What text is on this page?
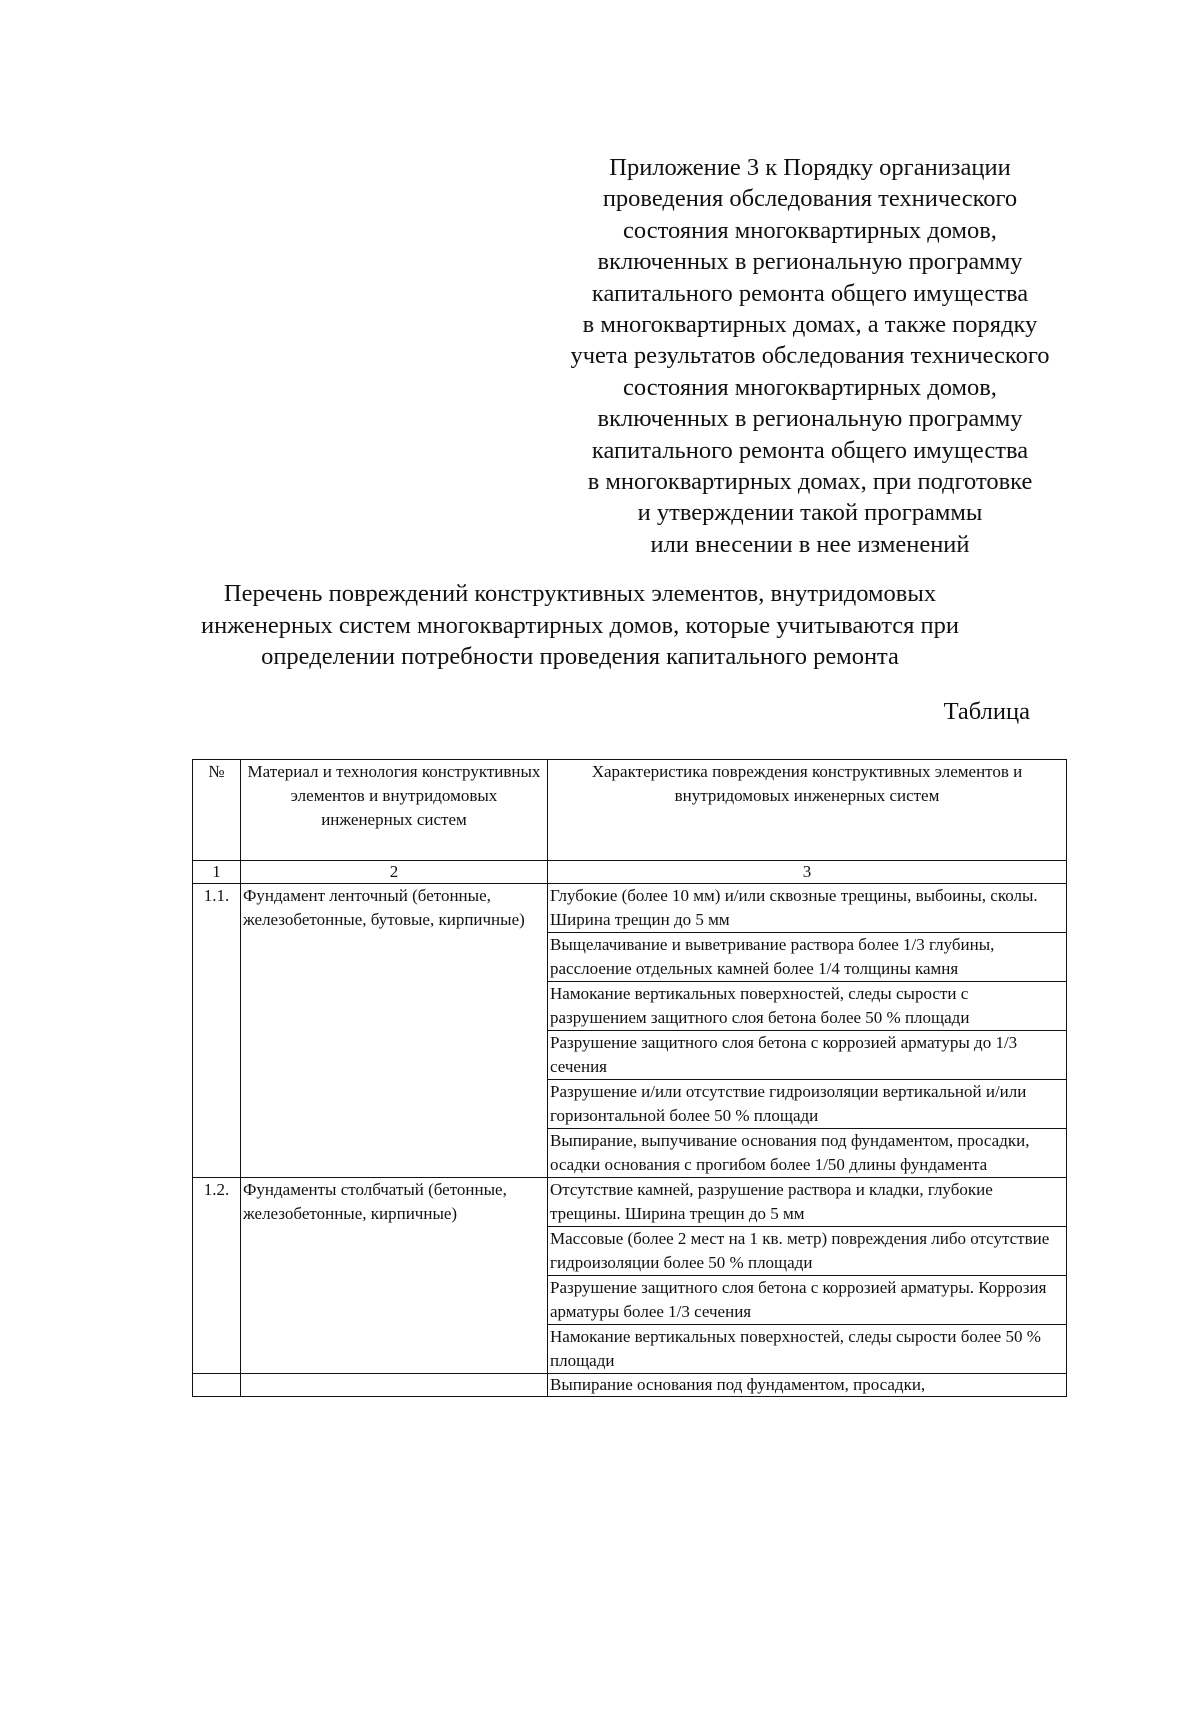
Приложение 3 к Порядку организации
проведения обследования технического
состояния многоквартирных домов,
включенных в региональную программу
капитального ремонта общего имущества
в многоквартирных домах, а также порядку
учета результатов обследования технического
состояния многоквартирных домов,
включенных в региональную программу
капитального ремонта общего имущества
в многоквартирных домах, при подготовке
и утверждении такой программы
или внесении в нее изменений
Перечень повреждений конструктивных элементов, внутридомовых
инженерных систем многоквартирных домов, которые учитываются при
определении потребности проведения капитального ремонта
Таблица
№	Материал и технология конструктивных элементов и внутридомовых инженерных систем	Характеристика повреждения конструктивных элементов и внутридомовых инженерных систем
1	2	3
1.1.	Фундамент ленточный (бетонные, железобетонные, бутовые, кирпичные)	Глубокие (более 10 мм) и/или сквозные трещины, выбоины, сколы. Ширина трещин до 5 мм
		Выщелачивание и выветривание раствора более 1/3 глубины, расслоение отдельных камней более 1/4 толщины камня
		Намокание вертикальных поверхностей, следы сырости с разрушением защитного слоя бетона более 50 % площади
		Разрушение защитного слоя бетона с коррозией арматуры до 1/3 сечения
		Разрушение и/или отсутствие гидроизоляции вертикальной и/или горизонтальной более 50 % площади
		Выпирание, выпучивание основания под фундаментом, просадки, осадки основания с прогибом более 1/50 длины фундамента
1.2.	Фундаменты столбчатый (бетонные, железобетонные, кирпичные)	Отсутствие камней, разрушение раствора и кладки, глубокие трещины. Ширина трещин до 5 мм
		Массовые (более 2 мест на 1 кв. метр) повреждения либо отсутствие гидроизоляции более 50 % площади
		Разрушение защитного слоя бетона с коррозией арматуры. Коррозия арматуры более 1/3 сечения
		Намокание вертикальных поверхностей, следы сырости более 50 % площади
		Выпирание основания под фундаментом, просадки,
